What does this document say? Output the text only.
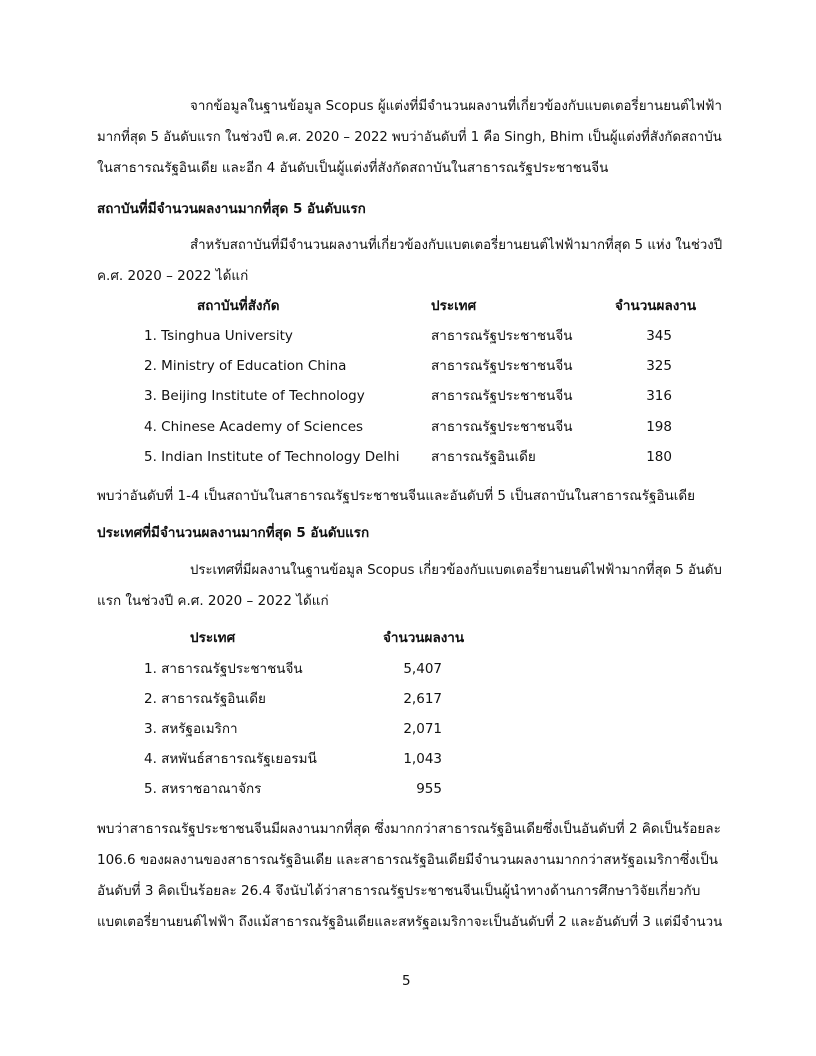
จากข้อมูลในฐานข้อมูล Scopus ผู้แต่งที่มีจำนวนผลงานที่เกี่ยวข้องกับแบตเตอรี่ยานยนต์ไฟฟ้า
มากที่สุด 5 อันดับแรก ในช่วงปี ค.ศ. 2020 – 2022 พบว่าอันดับที่ 1 คือ Singh, Bhim เป็นผู้แต่งที่สังกัดสถาบัน
ในสาธารณรัฐอินเดีย และอีก 4 อันดับเป็นผู้แต่งที่สังกัดสถาบันในสาธารณรัฐประชาชนจีน
สถาบันที่มีจำนวนผลงานมากที่สุด 5 อันดับแรก
สำหรับสถาบันที่มีจำนวนผลงานที่เกี่ยวข้องกับแบตเตอรี่ยานยนต์ไฟฟ้ามากที่สุด 5 แห่ง ในช่วงปี
ค.ศ. 2020 – 2022 ได้แก่
สถาบันที่สังกัด	ประเทศ	จำนวนผลงาน
1. Tsinghua University	สาธารณรัฐประชาชนจีน	345
2. Ministry of Education China	สาธารณรัฐประชาชนจีน	325
3. Beijing Institute of Technology	สาธารณรัฐประชาชนจีน	316
4. Chinese Academy of Sciences	สาธารณรัฐประชาชนจีน	198
5. Indian Institute of Technology Delhi สาธารณรัฐอินเดีย	180
พบว่าอันดับที่ 1-4 เป็นสถาบันในสาธารณรัฐประชาชนจีนและอันดับที่ 5 เป็นสถาบันในสาธารณรัฐอินเดีย
ประเทศที่มีจำนวนผลงานมากที่สุด 5 อันดับแรก
ประเทศที่มีผลงานในฐานข้อมูล Scopus เกี่ยวข้องกับแบตเตอรี่ยานยนต์ไฟฟ้ามากที่สุด 5 อันดับ
แรก ในช่วงปี ค.ศ. 2020 – 2022 ได้แก่
ประเทศ	จำนวนผลงาน
1. สาธารณรัฐประชาชนจีน	5,407
2. สาธารณรัฐอินเดีย	2,617
3. สหรัฐอเมริกา	2,071
4. สหพันธ์สาธารณรัฐเยอรมนี	1,043
5. สหราชอาณาจักร	955
พบว่าสาธารณรัฐประชาชนจีนมีผลงานมากที่สุด ซึ่งมากกว่าสาธารณรัฐอินเดียซึ่งเป็นอันดับที่ 2 คิดเป็นร้อยละ
106.6 ของผลงานของสาธารณรัฐอินเดีย และสาธารณรัฐอินเดียมีจำนวนผลงานมากกว่าสหรัฐอเมริกาซึ่งเป็น
อันดับที่ 3 คิดเป็นร้อยละ 26.4 จึงนับได้ว่าสาธารณรัฐประชาชนจีนเป็นผู้นำทางด้านการศึกษาวิจัยเกี่ยวกับ
แบตเตอรี่ยานยนต์ไฟฟ้า ถึงแม้สาธารณรัฐอินเดียและสหรัฐอเมริกาจะเป็นอันดับที่ 2 และอันดับที่ 3 แต่มีจำนวน
5
